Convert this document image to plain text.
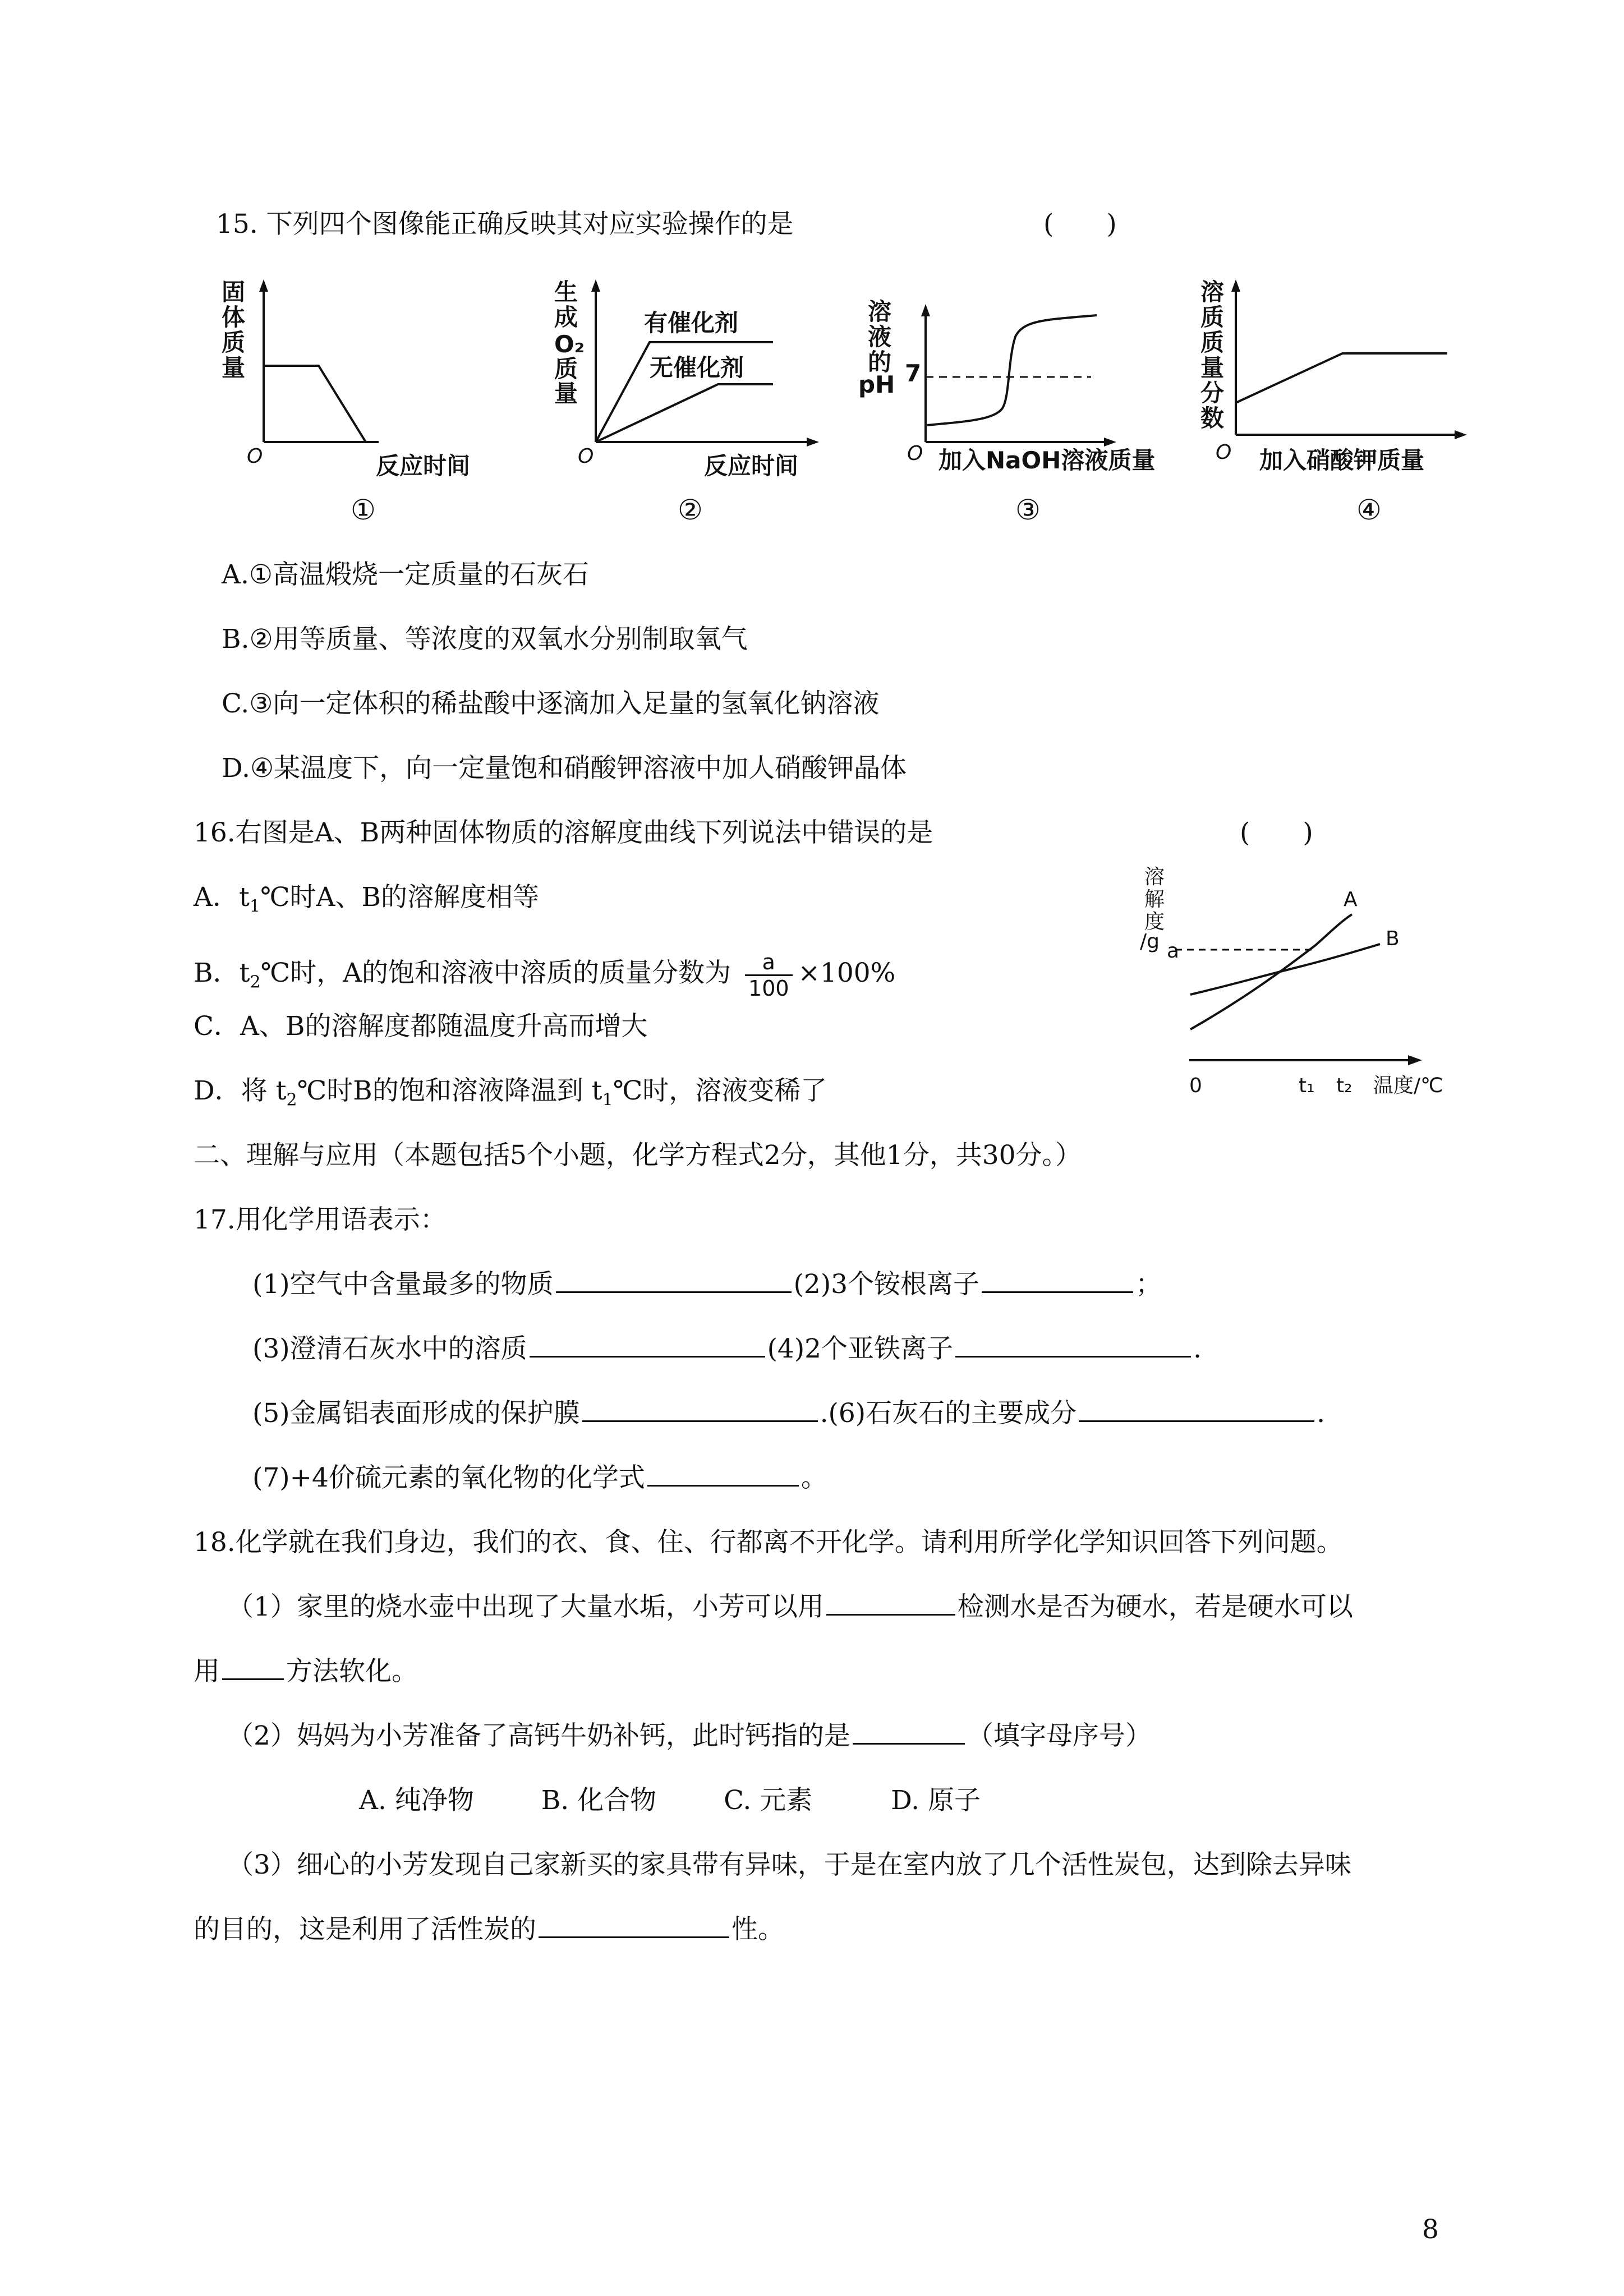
15. 下列四个图像能正确反映其对应实验操作的是	(　　)
固
体
质
量
O	反应时间
①
生
成
O₂
质
量
有催化剂
无催化剂
O	反应时间
②
溶
液
的
pH 7
O 加入NaOH溶液质量
③
溶
质
质
量
分
数
O 加入硝酸钾质量
④
A.①高温煅烧一定质量的石灰石
B.②用等质量、等浓度的双氧水分别制取氧气
C.③向一定体积的稀盐酸中逐滴加入足量的氢氧化钠溶液
D.④某温度下，向一定量饱和硝酸钾溶液中加人硝酸钾晶体
16.右图是A、B两种固体物质的溶解度曲线下列说法中错误的是	(　　)
A．$t_1℃$时A、B的溶解度相等
B．$t_2℃$时，A的饱和溶液中溶质的质量分数为 $\frac{a}{100} \times 100\%$
C．A、B的溶解度都随温度升高而增大
D．将 $t_2℃$时B的饱和溶液降温到 $t_1℃$时，溶液变稀了
溶
解
度
/g
A
B
a
0	t₁ t₂ 温度/℃
二、理解与应用（本题包括5个小题，化学方程式2分，其他1分，共30分。）
17.用化学用语表示：
(1)空气中含量最多的物质	(2)3个铵根离子	；
(3)澄清石灰水中的溶质	(4)2个亚铁离子	.
(5)金属铝表面形成的保护膜	.(6)石灰石的主要成分	.
(7)+4价硫元素的氧化物的化学式	。
18.化学就在我们身边，我们的衣、食、住、行都离不开化学。请利用所学化学知识回答下列问题。
（1）家里的烧水壶中出现了大量水垢，小芳可以用	检测水是否为硬水，若是硬水可以
用	方法软化。
（2）妈妈为小芳准备了高钙牛奶补钙，此时钙指的是	（填字母序号）
A. 纯净物	B. 化合物	C. 元素	D. 原子
（3）细心的小芳发现自己家新买的家具带有异味，于是在室内放了几个活性炭包，达到除去异味
的目的，这是利用了活性炭的	性。
8
